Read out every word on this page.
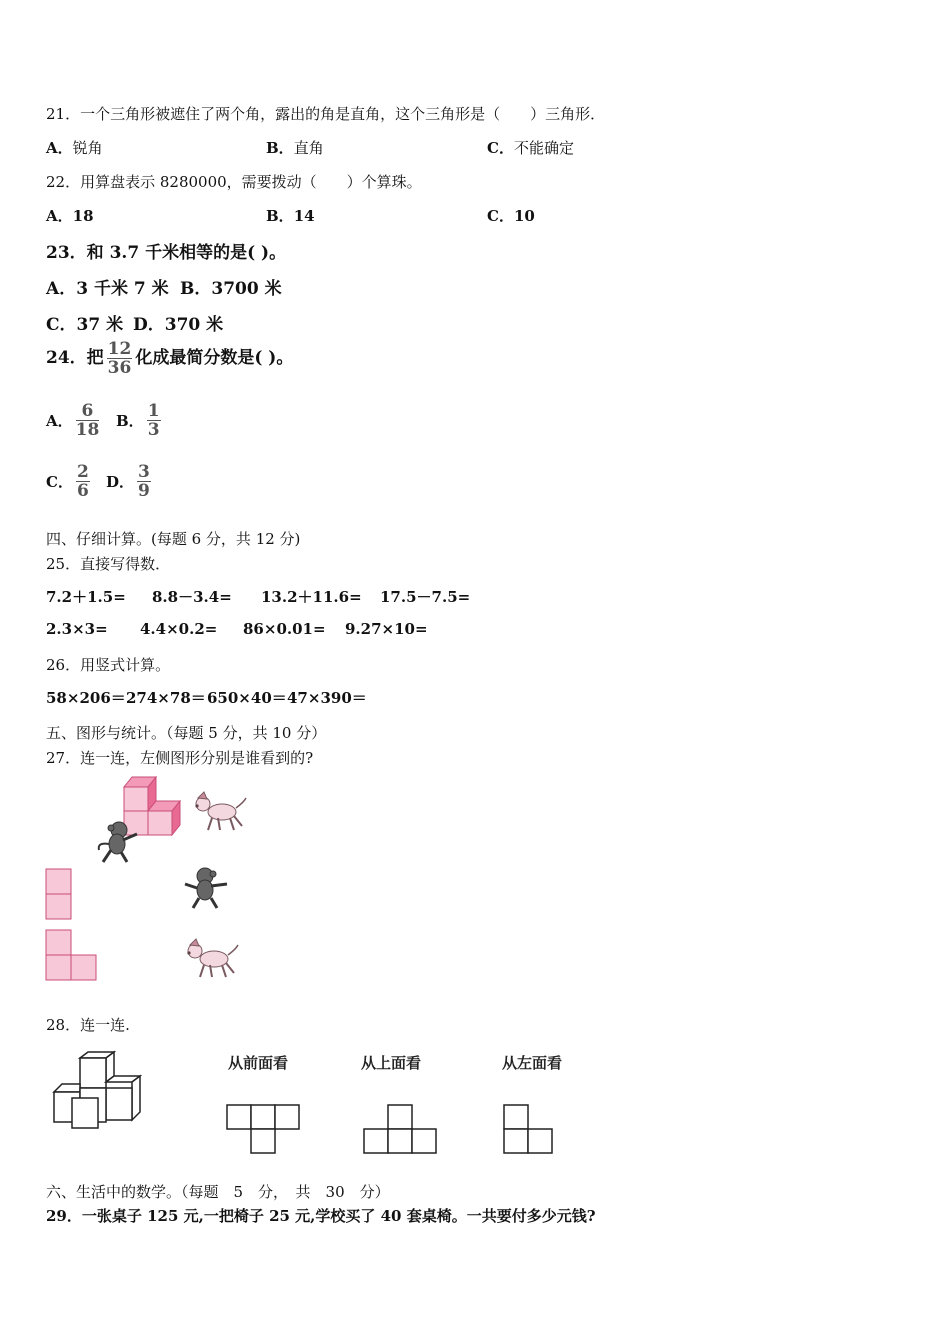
21．一个三角形被遮住了两个角，露出的角是直角，这个三角形是（　　）三角形．
A．锐角	B．直角	C．不能确定
22．用算盘表示 8280000，需要拨动（　　）个算珠。
A．18	B．14	C．10
23．和 3.7 千米相等的是( )。
A．3 千米 7 米 B．3700 米
C．37 米 D．370 米
24．把 $\frac{12}{36}$ 化成最简分数是( )。
A． $\frac{6}{18}$ B． $\frac{1}{3}$
C． $\frac{2}{6}$ D． $\frac{3}{9}$
四、仔细计算。(每题 6 分，共 12 分)
25．直接写得数．
7.2＋1.5= 8.8－3.4= 13.2＋11.6= 17.5－7.5=
2.3×3= 4.4×0.2= 86×0.01= 9.27×10=
26．用竖式计算。
58×206＝ 274×78＝ 650×40＝ 47×390＝
五、图形与统计。（每题 5 分，共 10 分）
27．连一连，左侧图形分别是谁看到的?
28．连一连.
从前面看	从上面看	从左面看
六、生活中的数学。（每题　5　分，　共　30　分）
29．一张桌子 125 元,一把椅子 25 元,学校买了 40 套桌椅。一共要付多少元钱?
